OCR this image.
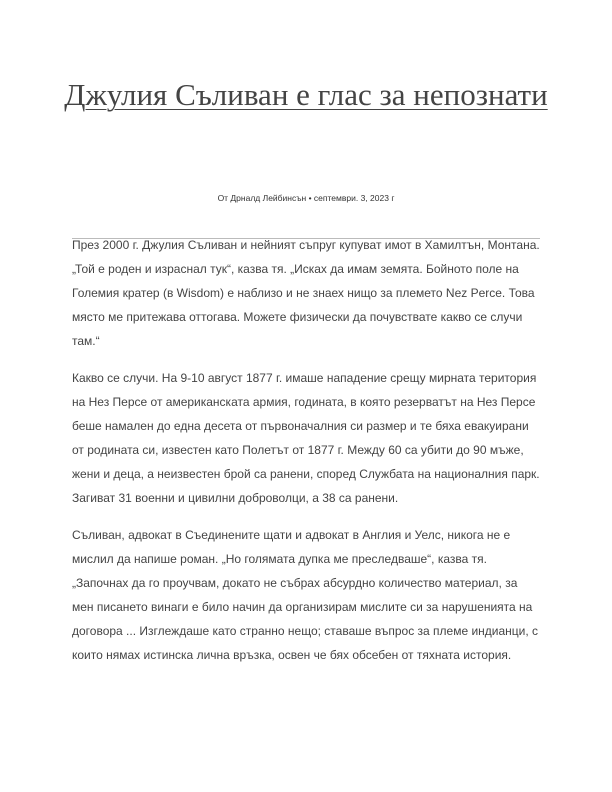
Джулия Съливан е глас за непознати
От Дрналд Лейбинсън • септември. 3, 2023 г
През 2000 г. Джулия Съливан и нейният съпруг купуват имот в Хамилтън, Монтана.
„Той е роден и израснал тук“, казва тя. „Исках да имам земята. Бойното поле на
Големия кратер (в Wisdom) е наблизо и не знаех нищо за племето Nez Perce. Това
място ме притежава оттогава. Можете физически да почувствате какво се случи
там.“
Какво се случи. На 9-10 август 1877 г. имаше нападение срещу мирната територия
на Нез Персе от американската армия, годината, в която резерватът на Нез Персе
беше намален до една десета от първоначалния си размер и те бяха евакуирани
от родината си, известен като Полетът от 1877 г. Между 60 са убити до 90 мъже,
жени и деца, а неизвестен брой са ранени, според Службата на националния парк.
Загиват 31 военни и цивилни доброволци, а 38 са ранени.
Съливан, адвокат в Съединените щати и адвокат в Англия и Уелс, никога не е
мислил да напише роман. „Но голямата дупка ме преследваше“, казва тя.
„Започнах да го проучвам, докато не събрах абсурдно количество материал, за
мен писането винаги е било начин да организирам мислите си за нарушенията на
договора ... Изглеждаше като странно нещо; ставаше въпрос за племе индианци, с
които нямах истинска лична връзка, освен че бях обсебен от тяхната история.
